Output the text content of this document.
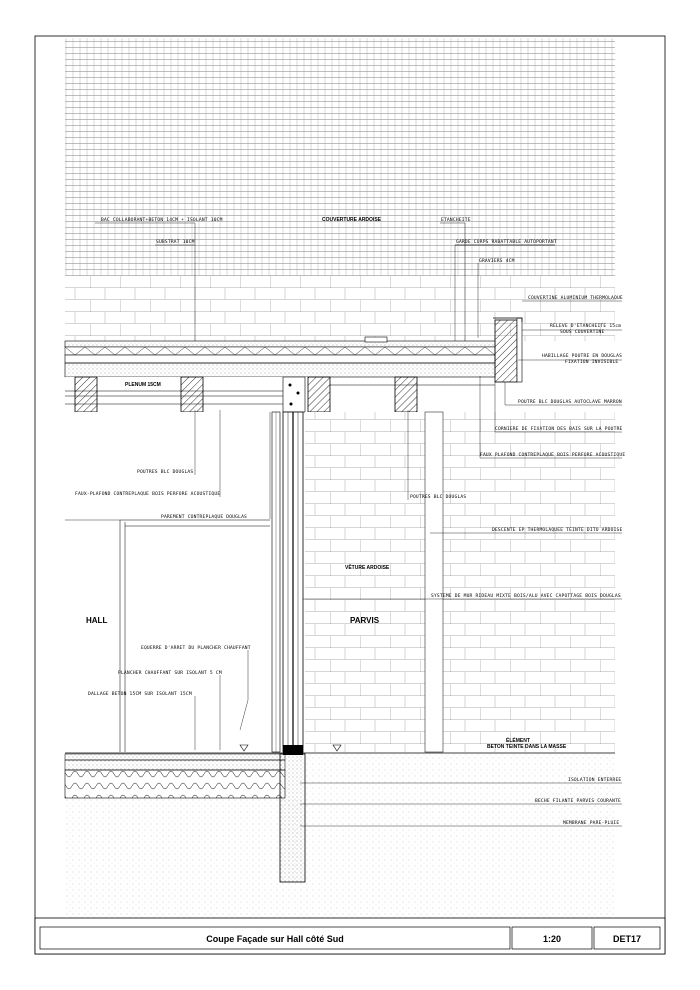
BAC COLLABORANT+BETON 14CM + ISOLANT 10CM
SUBSTRAT 10CM
COUVERTURE ARDOISE	ETANCHEITE
GARDE CORPS RABATTABLE AUTOPORTANT
GRAVIERS 4CM
COUVERTINE ALUMINIUM THERMOLAQUE
RELEVE D'ETANCHEITE 15cm
SOUS COUVERTINE
HABILLAGE POUTRE EN DOUGLAS
FIXATION INVISIBLE
PLENUM 15CM
POUTRE BLC DOUGLAS AUTOCLAVE MARRON
CORNIERE DE FIXATION DES BAIS SUR LA POUTRE
FAUX PLAFOND CONTREPLAQUE BOIS PERFORE ACOUSTIQUE
POUTRES BLC DOUGLAS
FAUX-PLAFOND CONTREPLAQUE BOIS PERFORE ACOUSTIQUE
POUTRES BLC DOUGLAS
PAREMENT CONTREPLAQUE DOUGLAS
DESCENTE EP THERMOLAQUEE TEINTE DITO ARDOISE
VÊTURE ARDOISE
SYSTEME DE MUR RIDEAU MIXTE BOIS/ALU AVEC CAPOTTAGE BOIS DOUGLAS
HALL	PARVIS
EQUERRE D'ARRET DU PLANCHER CHAUFFANT
PLANCHER CHAUFFANT SUR ISOLANT 5 CM
DALLAGE BETON 15CM SUR ISOLANT 15CM
ÉLÉMENT
BETON TEINTE DANS LA MASSE
ISOLATION ENTERREE
BECHE FILANTE PARVIS COURANTE
MEMBRANE PARE-PLUIE
Coupe Façade sur Hall côté Sud	1:20	DET17
